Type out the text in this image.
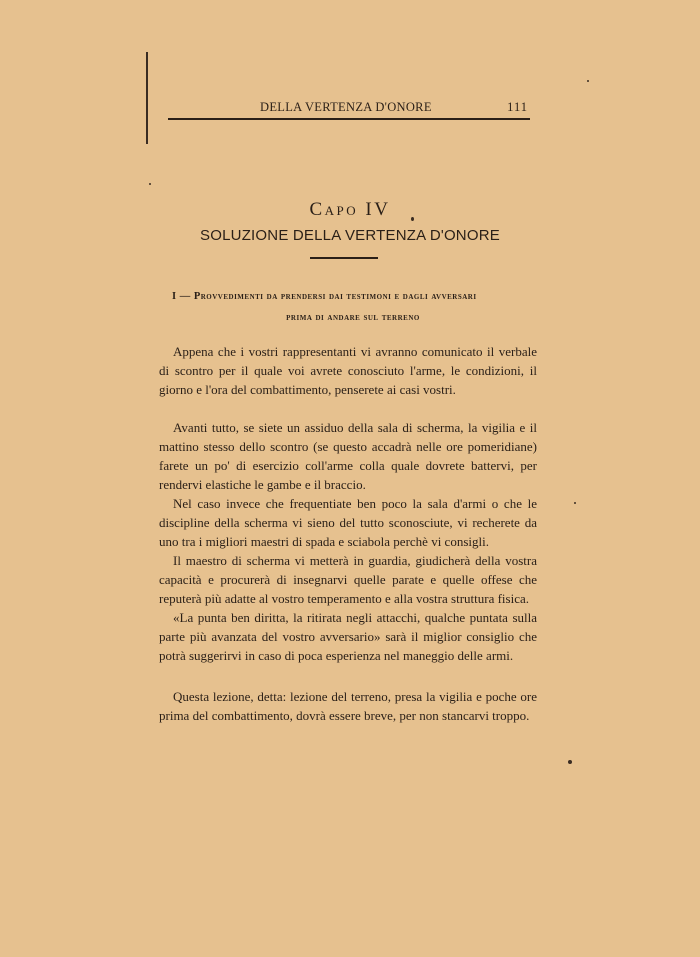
DELLA VERTENZA D'ONORE	111
Capo IV
SOLUZIONE DELLA VERTENZA D'ONORE
I — Provvedimenti da prendersi dai testimoni e dagli avversari
prima di andare sul terreno

Appena che i vostri rappresentanti vi avranno comunicato il verbale di scontro per il quale voi avrete conosciuto l'arme, le condizioni, il giorno e l'ora del combattimento, penserete ai casi vostri.

Avanti tutto, se siete un assiduo della sala di scherma, la vigilia e il mattino stesso dello scontro (se questo accadrà nelle ore pomeridiane) farete un po' di esercizio coll'arme colla quale dovrete battervi, per rendervi elastiche le gambe e il braccio.

Nel caso invece che frequentiate ben poco la sala d'armi o che le discipline della scherma vi sieno del tutto sconosciute, vi recherete da uno tra i migliori maestri di spada e sciabola perchè vi consigli.

Il maestro di scherma vi metterà in guardia, giudicherà della vostra capacità e procurerà di insegnarvi quelle parate e quelle offese che reputerà più adatte al vostro temperamento e alla vostra struttura fisica.

«La punta ben diritta, la ritirata negli attacchi, qualche puntata sulla parte più avanzata del vostro avversario» sarà il miglior consiglio che potrà suggerirvi in caso di poca esperienza nel maneggio delle armi.

Questa lezione, detta: lezione del terreno, presa la vigilia e poche ore prima del combattimento, dovrà essere breve, per non stancarvi troppo.
